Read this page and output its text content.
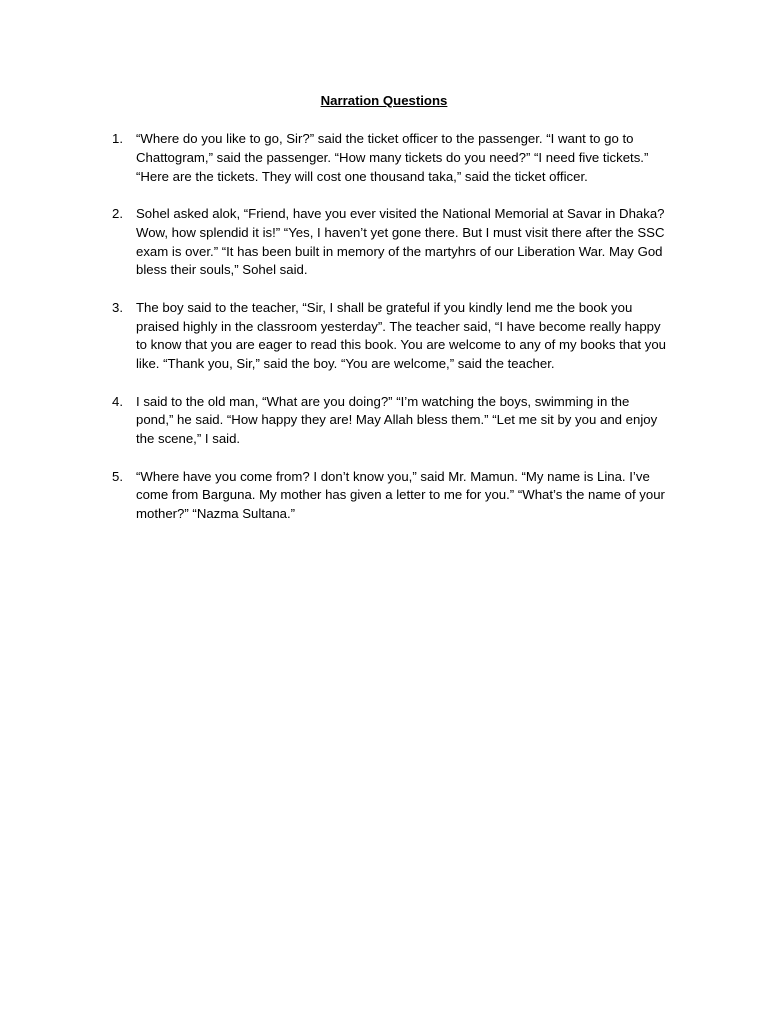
Narration Questions
1. “Where do you like to go, Sir?” said the ticket officer to the passenger. “I want to go to Chattogram,” said the passenger. “How many tickets do you need?” “I need five tickets.” “Here are the tickets. They will cost one thousand taka,” said the ticket officer.
2. Sohel asked alok, “Friend, have you ever visited the National Memorial at Savar in Dhaka? Wow, how splendid it is!” “Yes, I haven’t yet gone there. But I must visit there after the SSC exam is over.” “It has been built in memory of the martyhrs of our Liberation War. May God bless their souls,” Sohel said.
3. The boy said to the teacher, “Sir, I shall be grateful if you kindly lend me the book you praised highly in the classroom yesterday”. The teacher said, “I have become really happy to know that you are eager to read this book. You are welcome to any of my books that you like. “Thank you, Sir,” said the boy. “You are welcome,” said the teacher.
4. I said to the old man, “What are you doing?” “I’m watching the boys, swimming in the pond,” he said. “How happy they are! May Allah bless them.” “Let me sit by you and enjoy the scene,” I said.
5. “Where have you come from? I don’t know you,” said Mr. Mamun. “My name is Lina. I’ve come from Barguna. My mother has given a letter to me for you.” “What’s the name of your mother?” “Nazma Sultana.”
